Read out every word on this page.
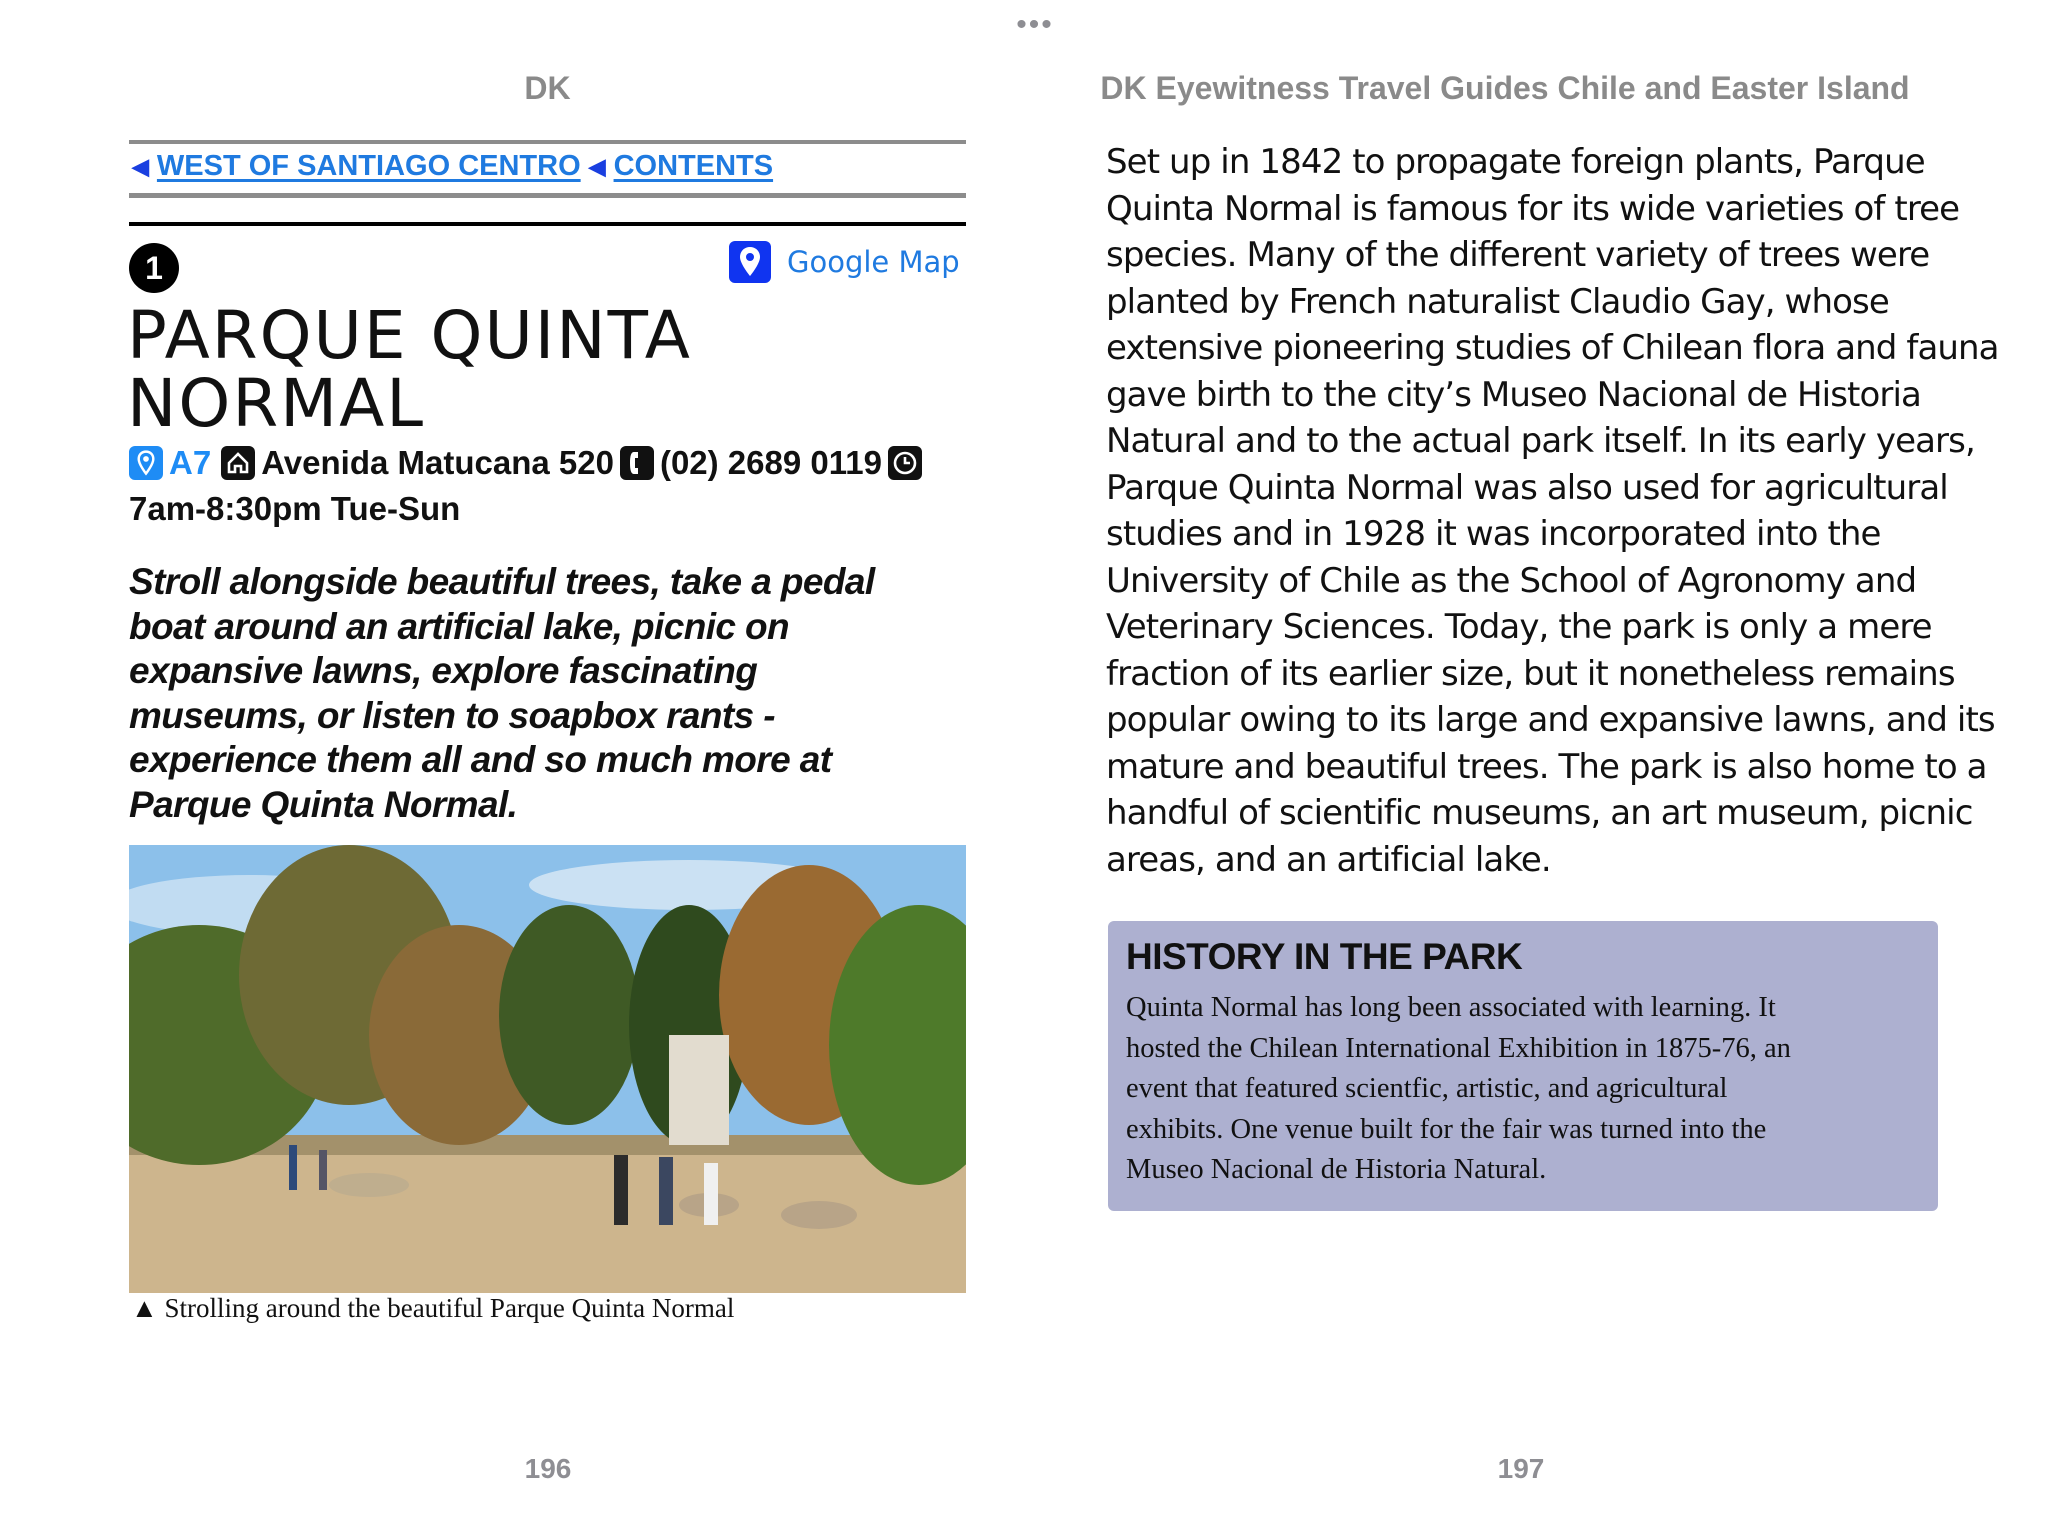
•••
DK	DK Eyewitness Travel Guides Chile and Easter Island
◀ WEST OF SANTIAGO CENTRO ◀ CONTENTS
1	Google Map
PARQUE QUINTA
NORMAL
A7 Avenida Matucana 520 (02) 2689 0119
7am-8:30pm Tue-Sun
Stroll alongside beautiful trees, take a pedal
boat around an artificial lake, picnic on
expansive lawns, explore fascinating
museums, or listen to soapbox rants -
experience them all and so much more at
Parque Quinta Normal.
▲ Strolling around the beautiful Parque Quinta Normal
Set up in 1842 to propagate foreign plants, Parque
Quinta Normal is famous for its wide varieties of tree
species. Many of the different variety of trees were
planted by French naturalist Claudio Gay, whose
extensive pioneering studies of Chilean flora and fauna
gave birth to the city’s Museo Nacional de Historia
Natural and to the actual park itself. In its early years,
Parque Quinta Normal was also used for agricultural
studies and in 1928 it was incorporated into the
University of Chile as the School of Agronomy and
Veterinary Sciences. Today, the park is only a mere
fraction of its earlier size, but it nonetheless remains
popular owing to its large and expansive lawns, and its
mature and beautiful trees. The park is also home to a
handful of scientific museums, an art museum, picnic
areas, and an artificial lake.
HISTORY IN THE PARK
Quinta Normal has long been associated with learning. It
hosted the Chilean International Exhibition in 1875-76, an
event that featured scientfic, artistic, and agricultural
exhibits. One venue built for the fair was turned into the
Museo Nacional de Historia Natural.
196	197
